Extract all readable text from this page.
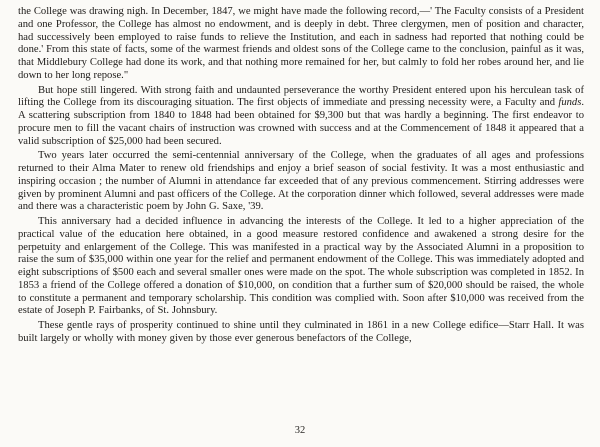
the College was drawing nigh. In December, 1847, we might have made the following record,—' The Faculty consists of a President and one Professor, the College has almost no endowment, and is deeply in debt. Three clergymen, men of position and character, had successively been employed to raise funds to relieve the Institution, and each in sadness had reported that nothing could be done.' From this state of facts, some of the warmest friends and oldest sons of the College came to the conclusion, painful as it was, that Middlebury College had done its work, and that nothing more remained for her, but calmly to fold her robes around her, and lie down to her long repose."

But hope still lingered. With strong faith and undaunted perseverance the worthy President entered upon his herculean task of lifting the College from its discouraging situation. The first objects of immediate and pressing necessity were, a Faculty and funds. A scattering subscription from 1840 to 1848 had been obtained for $9,300 but that was hardly a beginning. The first endeavor to procure men to fill the vacant chairs of instruction was crowned with success and at the Commencement of 1848 it appeared that a valid subscription of $25,000 had been secured.

Two years later occurred the semi-centennial anniversary of the College, when the graduates of all ages and professions returned to their Alma Mater to renew old friendships and enjoy a brief season of social festivity. It was a most enthusiastic and inspiring occasion ; the number of Alumni in attendance far exceeded that of any previous commencement. Stirring addresses were given by prominent Alumni and past officers of the College. At the corporation dinner which followed, several addresses were made and there was a characteristic poem by John G. Saxe, '39.

This anniversary had a decided influence in advancing the interests of the College. It led to a higher appreciation of the practical value of the education here obtained, in a good measure restored confidence and awakened a strong desire for the perpetuity and enlargement of the College. This was manifested in a practical way by the Associated Alumni in a proposition to raise the sum of $35,000 within one year for the relief and permanent endowment of the College. This was immediately adopted and eight subscriptions of $500 each and several smaller ones were made on the spot. The whole subscription was completed in 1852. In 1853 a friend of the College offered a donation of $10,000, on condition that a further sum of $20,000 should be raised, the whole to constitute a permanent and temporary scholarship. This condition was complied with. Soon after $10,000 was received from the estate of Joseph P. Fairbanks, of St. Johnsbury.

These gentle rays of prosperity continued to shine until they culminated in 1861 in a new College edifice—Starr Hall. It was built largely or wholly with money given by those ever generous benefactors of the College,

32
